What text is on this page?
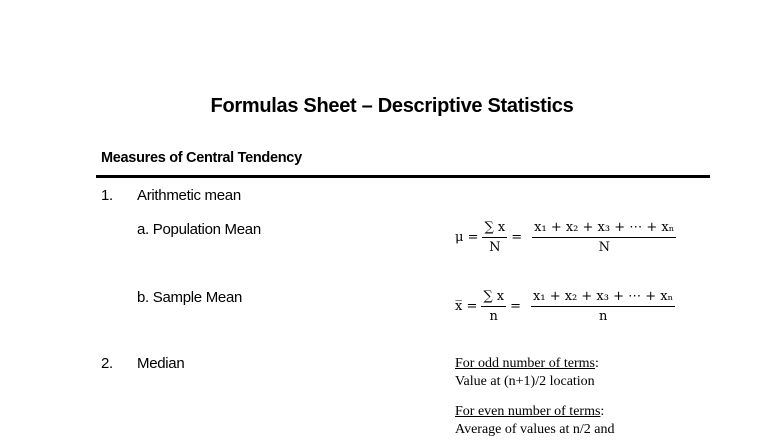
Formulas Sheet – Descriptive Statistics
Measures of Central Tendency
1. Arithmetic mean
a. Population Mean	$\mu = \frac{\sum x}{N} = \frac{\text{x₁ + x₂ + x₃ + ⋯ + xₙ}}{N}$
b. Sample Mean
x̅ = $\frac{\sum x}{n} = \frac{\text{x₁ + x₂ + x₃ + ⋯ + xₙ}}{n}$
2. Median	For odd number of terms:
Value at (n+1)/2 location
For even number of terms:
Average of values at n/2 and
